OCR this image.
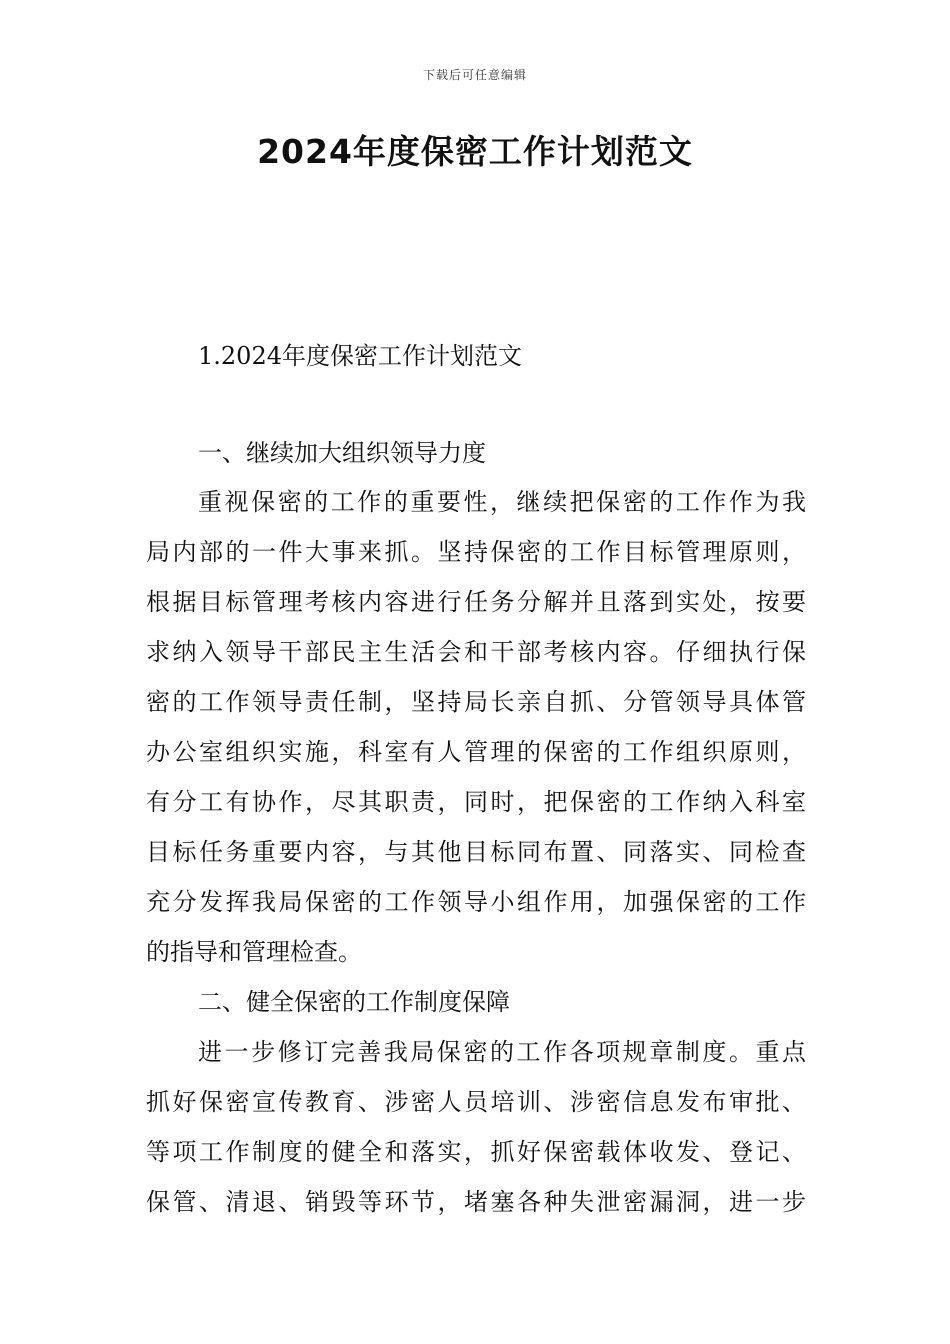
下载后可任意编辑
2024年度保密工作计划范文

1.2024年度保密工作计划范文

一、继续加大组织领导力度

重视保密的工作的重要性，继续把保密的工作作为我

局内部的一件大事来抓。坚持保密的工作目标管理原则，

根据目标管理考核内容进行任务分解并且落到实处，按要

求纳入领导干部民主生活会和干部考核内容。仔细执行保

密的工作领导责任制，坚持局长亲自抓、分管领导具体管

办公室组织实施，科室有人管理的保密的工作组织原则，

有分工有协作，尽其职责，同时，把保密的工作纳入科室

目标任务重要内容，与其他目标同布置、同落实、同检查

充分发挥我局保密的工作领导小组作用，加强保密的工作

的指导和管理检查。

二、健全保密的工作制度保障

进一步修订完善我局保密的工作各项规章制度。重点

抓好保密宣传教育、涉密人员培训、涉密信息发布审批、

等项工作制度的健全和落实，抓好保密载体收发、登记、

保管、清退、销毁等环节，堵塞各种失泄密漏洞，进一步
